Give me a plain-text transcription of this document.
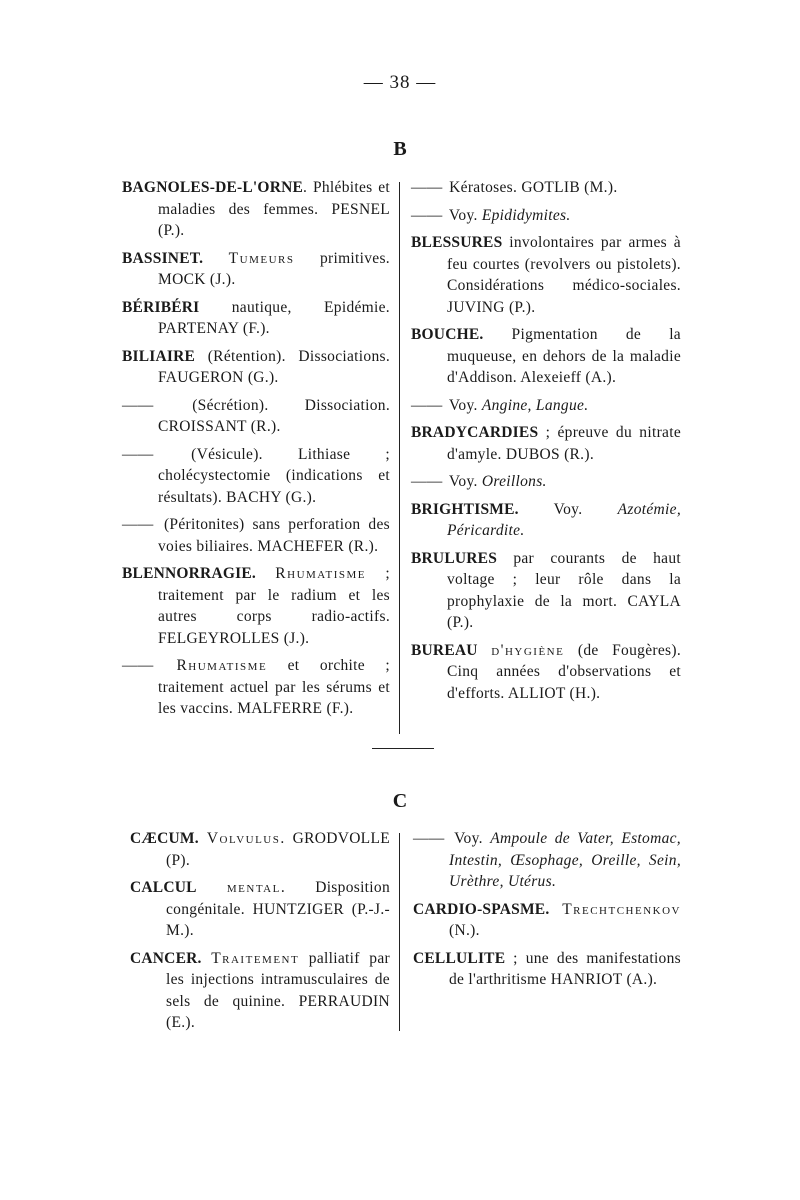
— 38 —
B
BAGNOLES-DE-L'ORNE. Phlébites et maladies des femmes. PESNEL (P.).
BASSINET. Tumeurs primitives. MOCK (J.).
BÉRIBÉRI nautique, Epidémie. PARTENAY (F.).
BILIAIRE (Rétention). Dissociations. FAUGERON (G.).
—— (Sécrétion). Dissociation. CROISSANT (R.).
—— (Vésicule). Lithiase ; cholécystectomie (indications et résultats). BACHY (G.).
—— (Péritonites) sans perforation des voies biliaires. MACHEFER (R.).
BLENNORRAGIE. Rhumatisme ; traitement par le radium et les autres corps radio-actifs. FELGEYROLLES (J.).
—— Rhumatisme et orchite ; traitement actuel par les sérums et les vaccins. MALFERRE (F.).
—— Kératoses. GOTLIB (M.).
—— Voy. Epididymites.
BLESSURES involontaires par armes à feu courtes (revolvers ou pistolets). Considérations médico-sociales. JUVING (P.).
BOUCHE. Pigmentation de la muqueuse, en dehors de la maladie d'Addison. Alexeieff (A.).
—— Voy. Angine, Langue.
BRADYCARDIES ; épreuve du nitrate d'amyle. DUBOS (R.).
—— Voy. Oreillons.
BRIGHTISME. Voy. Azotémie, Péricardite.
BRULURES par courants de haut voltage ; leur rôle dans la prophylaxie de la mort. CAYLA (P.).
BUREAU d'hygiène (de Fougères). Cinq années d'observations et d'efforts. ALLIOT (H.).
C
CÆCUM. Volvulus. GRODVOLLE (P).
CALCUL mental. Disposition congénitale. HUNTZIGER (P.-J.-M.).
CANCER. Traitement palliatif par les injections intramusculaires de sels de quinine. PERRAUDIN (E.).
—— Voy. Ampoule de Vater, Estomac, Intestin, Œsophage, Oreille, Sein, Urèthre, Utérus.
CARDIO-SPASME. Trechtchenkov (N.).
CELLULITE ; une des manifestations de l'arthritisme HANRIOT (A.).
